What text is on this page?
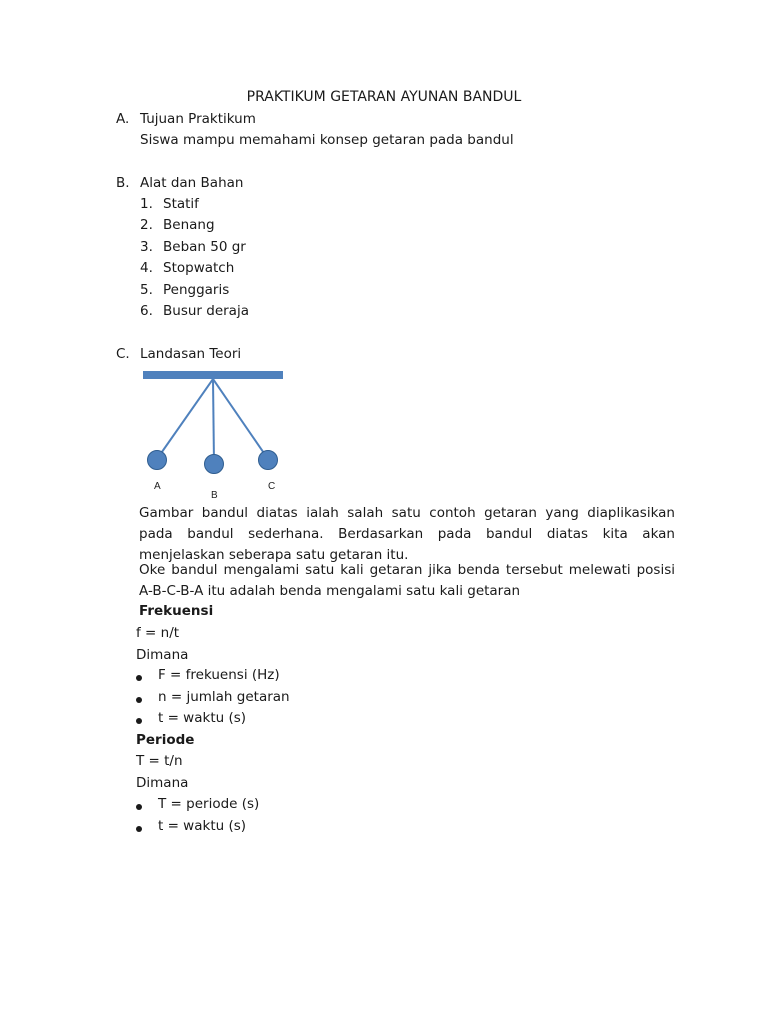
PRAKTIKUM GETARAN AYUNAN BANDUL
A. Tujuan Praktikum
Siswa mampu memahami konsep getaran pada bandul
B. Alat dan Bahan
1. Statif
2. Benang
3. Beban 50 gr
4. Stopwatch
5. Penggaris
6. Busur deraja
C. Landasan Teori
A
B
C
Gambar bandul diatas ialah salah satu contoh getaran yang diaplikasikan pada bandul sederhana. Berdasarkan pada bandul diatas kita akan menjelaskan seberapa satu getaran itu.
Oke bandul mengalami satu kali getaran jika benda tersebut melewati posisi A-B-C-B-A itu adalah benda mengalami satu kali getaran
Frekuensi
f = n/t
Dimana
F = frekuensi (Hz)
n = jumlah getaran
t = waktu (s)
Periode
T = t/n
Dimana
T = periode (s)
t = waktu (s)
